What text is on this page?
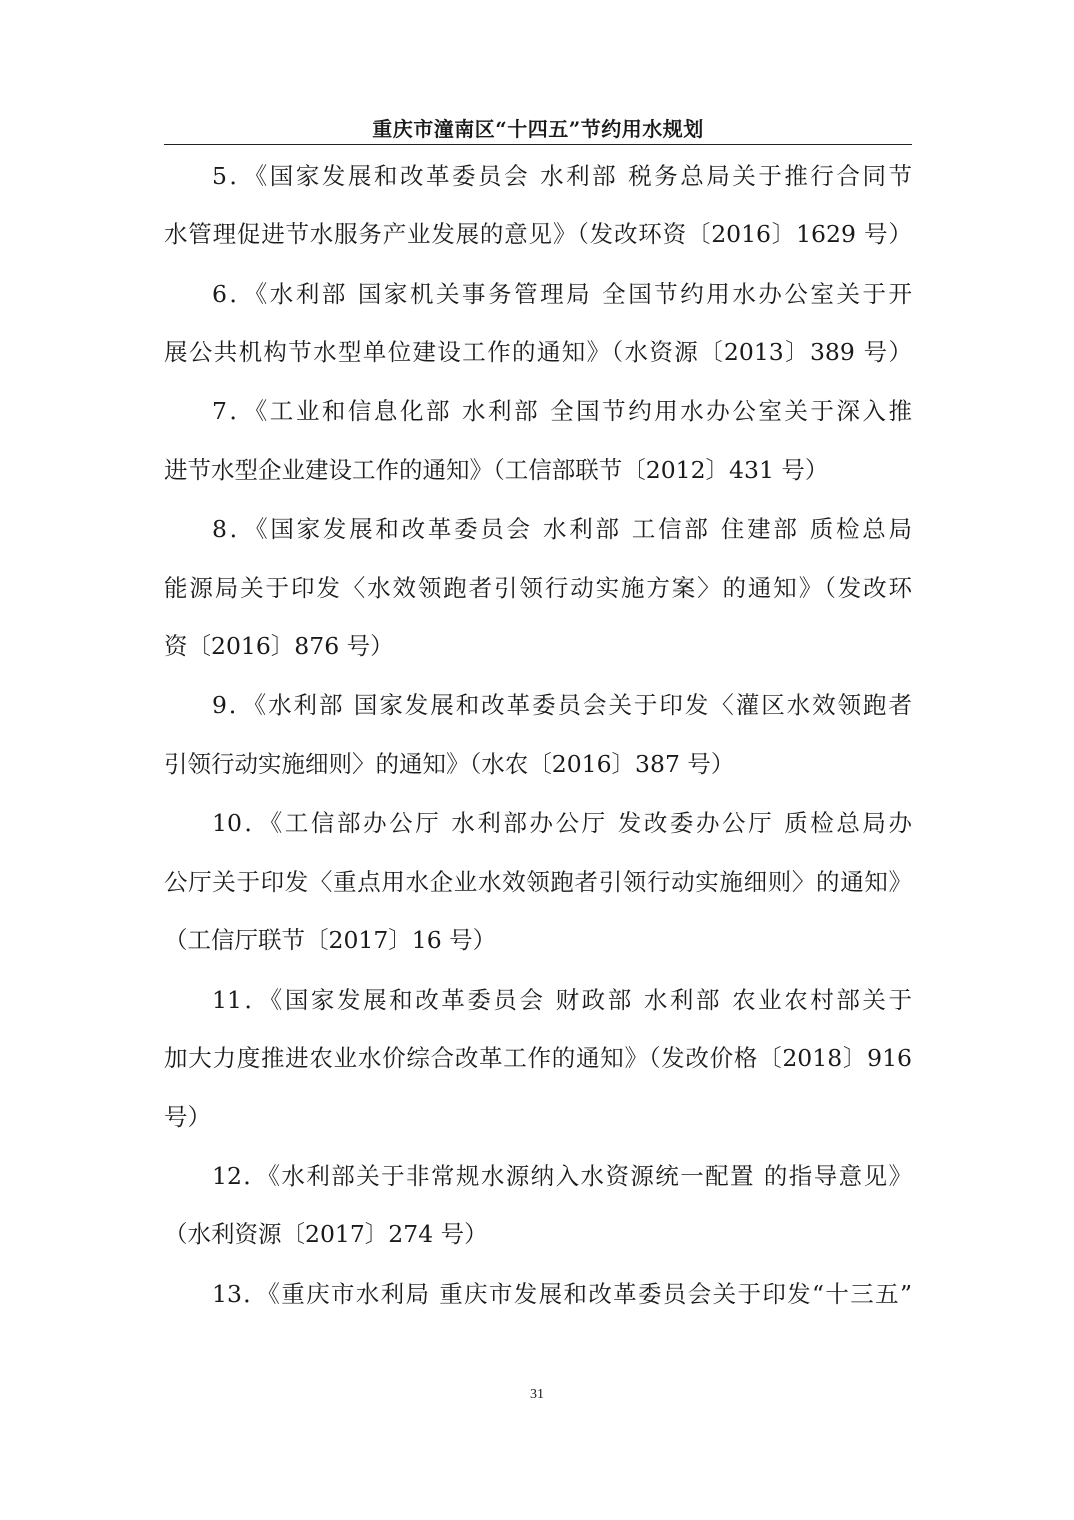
重庆市潼南区“十四五”节约用水规划
5．《国家发展和改革委员会 水利部 税务总局关于推行合同节
水管理促进节水服务产业发展的意见》（发改环资〔2016〕1629 号）
6．《水利部 国家机关事务管理局 全国节约用水办公室关于开
展公共机构节水型单位建设工作的通知》（水资源〔2013〕389 号）
7．《工业和信息化部 水利部 全国节约用水办公室关于深入推
进节水型企业建设工作的通知》（工信部联节〔2012〕431 号）
8．《国家发展和改革委员会 水利部 工信部 住建部 质检总局
能源局关于印发〈水效领跑者引领行动实施方案〉的通知》（发改环
资〔2016〕876 号）
9．《水利部 国家发展和改革委员会关于印发〈灌区水效领跑者
引领行动实施细则〉的通知》（水农〔2016〕387 号）
10．《工信部办公厅 水利部办公厅 发改委办公厅 质检总局办
公厅关于印发〈重点用水企业水效领跑者引领行动实施细则〉的通知》
（工信厅联节〔2017〕16 号）
11．《国家发展和改革委员会 财政部 水利部 农业农村部关于
加大力度推进农业水价综合改革工作的通知》（发改价格〔2018〕916
号）
12．《水利部关于非常规水源纳入水资源统一配置 的指导意见》
（水利资源〔2017〕274 号）
13．《重庆市水利局 重庆市发展和改革委员会关于印发“十三五”
31
